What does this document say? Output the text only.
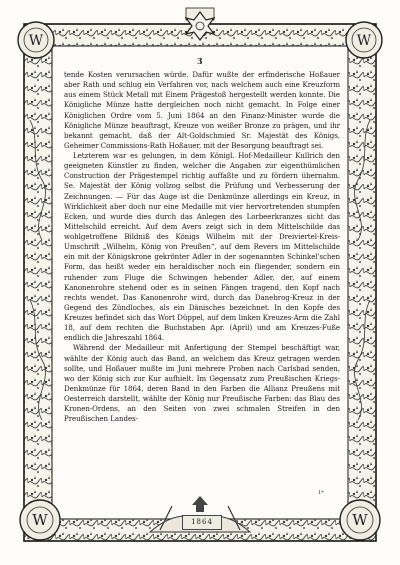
W	W
W	W
3

tende Kosten verursachen würde. Dafür wußte der erfinderische Hoßauer aber Rath und schlug ein Verfahren vor, nach welchem auch eine Kreuzform aus einem Stück Metall mit Einem Prägestoß hergestellt werden konnte. Die Königliche Münze hatte dergleichen noch nicht gemacht. In Folge einer Königlichen Ordre vom 5. Juni 1864 an den Finanz-Minister wurde die Königliche Münze beauftragt, Kreuze von weißer Bronze zu prägen, und ihr bekannt gemacht, daß der Alt-Goldschmied Sr. Majestät des Königs, Geheimer Commissions-Rath Hoßauer, mit der Besorgung beauftragt sei.

Letzterem war es gelungen, in dem Königl. Hof-Medailleur Kullrich den geeigneten Künstler zu finden, welcher die Angaben zur eigenthümlichen Construction der Prägestempel richtig auffaßte und zu fördern übernahm. Se. Majestät der König vollzog selbst die Prüfung und Verbesserung der Zeichnungen. — Für das Auge ist die Denkmünze allerdings ein Kreuz, in Wirklichkeit aber doch nur eine Medaille mit vier hervortretenden stumpfen Ecken, und wurde dies durch das Anlegen des Lorbeerkranzes sicht das Mittelschild erreicht. Auf dem Avers zeigt sich in dem Mittelschilde das wohlgetroffene Bildniß des Königs Wilhelm mit der Dreiviertel-Kreis-Umschrift „Wilhelm, König von Preußen“, auf dem Revers im Mittelschilde ein mit der Königskrone gekrönter Adler in der sogenannten Schinkel'schen Form, das heißt weder ein heraldischer noch ein fliegender, sondern ein ruhender zum Fluge die Schwingen hebender Adler, der, auf einem Kanonenrohre stehend oder es in seinen Fängen tragend, den Kopf nach rechts wendet. Das Kanonenrohr wird, durch das Danebrog-Kreuz in der Gegend des Zündloches, als ein Dänisches bezeichnet. In den Kopfe des Kreuzes befindet sich das Wort Düppel, auf dem linken Kreuzes-Arm die Zahl 18, auf dem rechten die Buchstaben Apr. (April) und am Kreuzes-Fuße endlich die Jahreszahl 1864.

Während der Medailleur mit Anfertigung der Stempel beschäftigt war, wählte der König auch das Band, an welchem das Kreuz getragen werden sollte, und Hoßauer mußte im Juni mehrere Proben nach Carlsbad senden, wo der König sich zur Kur aufhielt. Im Gegensatz zum Preußischen Kriegs-Denkmünze für 1864, deren Band in den Farben die Allianz Preußens mit Oesterreich darstellt, wählte der König nur Preußische Farben: das Blau des Kronen-Ordens, an den Seiten von zwei schmalen Streifen in den Preußischen Landes-

1*
1864
